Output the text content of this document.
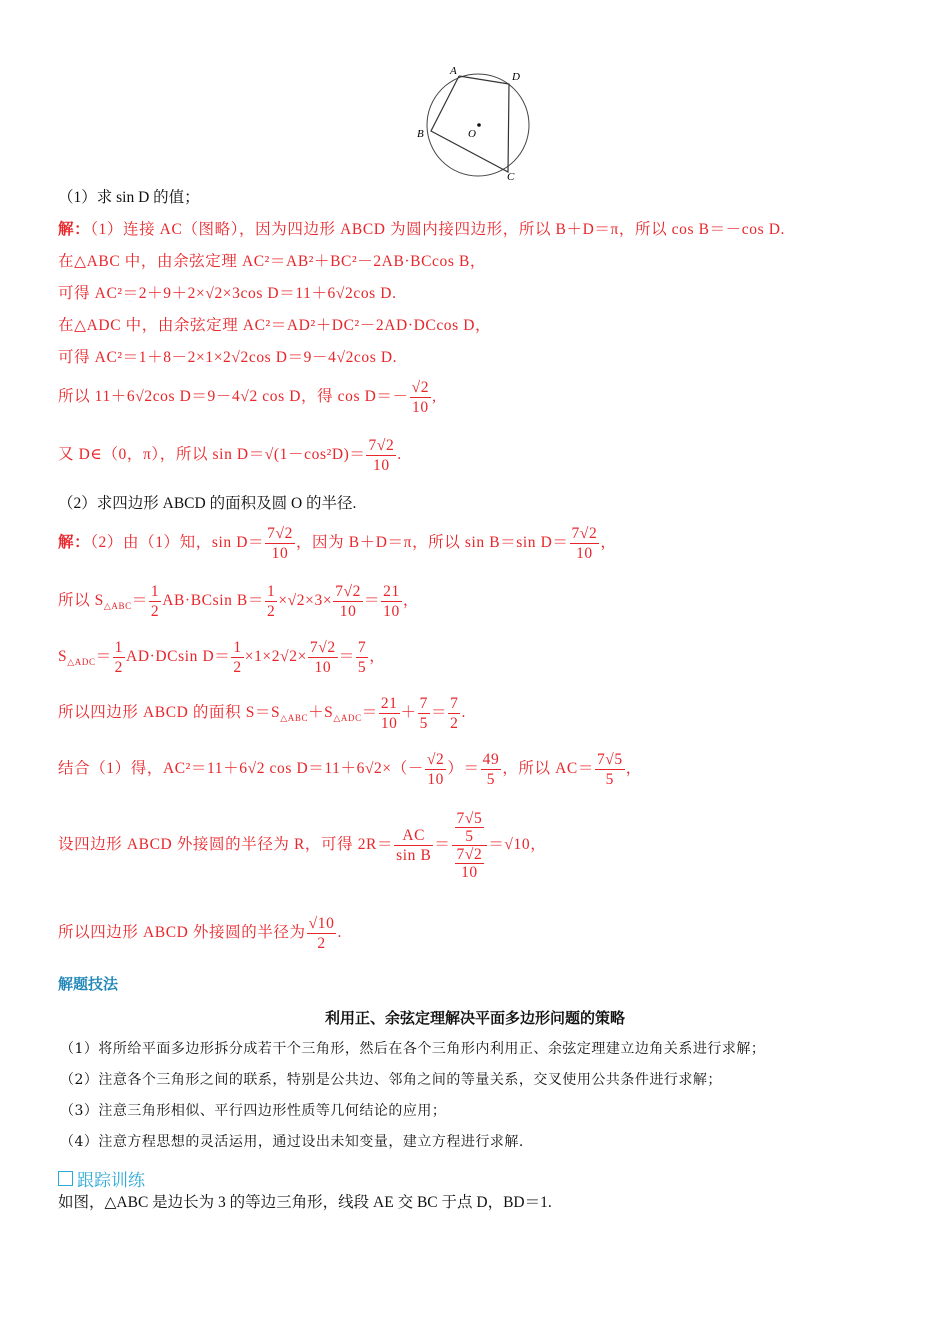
A	D
B	O
C
（1）求 sin D 的值；
解：（1）连接 AC（图略），因为四边形 ABCD 为圆内接四边形，所以 B＋D＝π，所以 cos B＝－cos D.
在△ABC 中，由余弦定理 AC²＝AB²＋BC²－2AB·BCcos B，
可得 AC²＝2＋9＋2×√2×3cos D＝11＋6√2cos D.
在△ADC 中，由余弦定理 AC²＝AD²＋DC²－2AD·DCcos D，
可得 AC²＝1＋8－2×1×2√2cos D＝9－4√2cos D.
所以 11＋6√2cos D＝9－4√2 cos D，得 $\cos D=- \frac{√2}{10}$ ,
又 D∈（0，π），所以 $\sin D=√(1-\cos^2D)= \frac{7√2}{10}$ .
（2）求四边形 ABCD 的面积及圆 O 的半径.
解：（2）由（1）知，$\sin D= \frac{7√2}{10}$ ，因为 B＋D＝π，所以 sin B＝sin $D= \frac{7√2}{10}$ ，
所以 $S_{\triangle ABC}= \frac{1}{2} AB\cdot BCsin$ $B= \frac{1}{2} \times√2\times 3\times \frac{7√2}{10} = \frac{21}{10}$ ，
$S_{\triangle ADC}= \frac{1}{2} AD\cdot DCsin$ $D= \frac{1}{2} \times 1\times 2√2\times \frac{7√2}{10} = \frac{7}{5}$ ，
所以四边形 ABCD 的面积 $S=S_{\triangle ABC}+S_{\triangle ADC}= \frac{21}{10} + \frac{7}{5} = \frac{7}{2}$ .
结合（1）得，AC²＝11＋6√2 $\cos D=11+6√2\times(- \frac{√2}{10}$ ）＝ $\frac{49}{5}$ ，所以 $AC= \frac{7√5}{5}$ ，
设四边形 ABCD 外接圆的半径为 R，可得 $2R= \frac{AC}{\text{sin B}} = \frac{\frac{7√5}{5}}{\frac{7√2}{10}} =√10$，
所以四边形 ABCD 外接圆的半径为 $\frac{√10}{2}$ .
解题技法
利用正、余弦定理解决平面多边形问题的策略
（1）将所给平面多边形拆分成若干个三角形，然后在各个三角形内利用正、余弦定理建立边角关系进行求解；
（2）注意各个三角形之间的联系，特别是公共边、邻角之间的等量关系，交叉使用公共条件进行求解；
（3）注意三角形相似、平行四边形性质等几何结论的应用；
（4）注意方程思想的灵活运用，通过设出未知变量，建立方程进行求解.
跟踪训练
如图，△ABC 是边长为 3 的等边三角形，线段 AE 交 BC 于点 D，BD＝1.
